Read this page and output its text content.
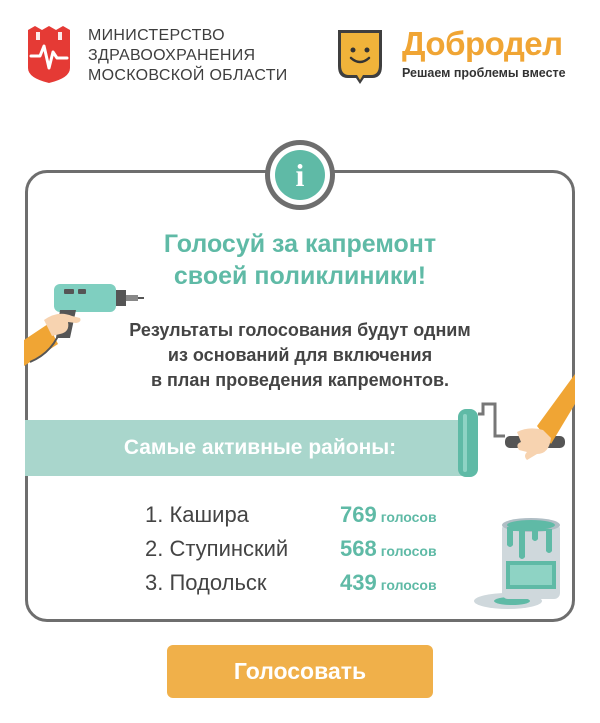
МИНИСТЕРСТВО
ЗДРАВООХРАНЕНИЯ
МОСКОВСКОЙ ОБЛАСТИ
Добродел
Решаем проблемы вместе
i
Голосуй за капремонт
своей поликлиники!
Результаты голосования будут одним
из оснований для включения
в план проведения капремонтов.
Самые активные районы:
1. Кашира	769 голосов
2. Ступинский 568 голосов
3. Подольск	439 голосов
Голосовать
